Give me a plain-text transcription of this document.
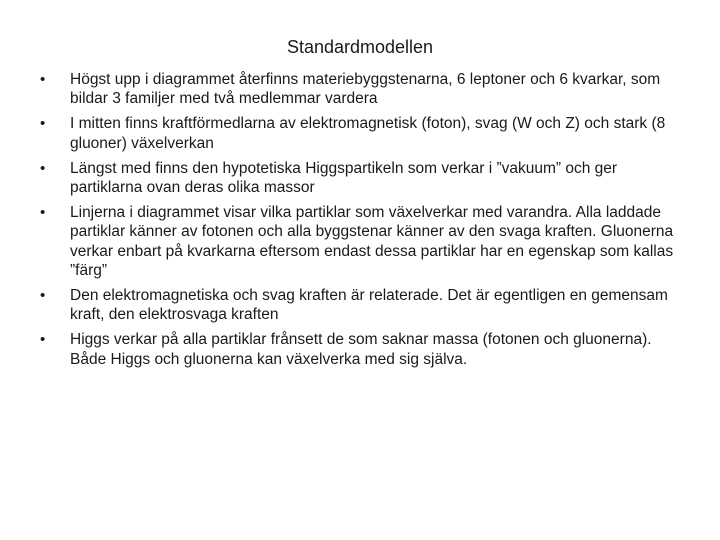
Standardmodellen
• Högst upp i diagrammet återfinns materiebyggstenarna, 6 leptoner och 6 kvarkar, som bildar 3 familjer med två medlemmar vardera
• I mitten finns kraftförmedlarna av elektromagnetisk (foton), svag (W och Z) och stark (8 gluoner) växelverkan
• Längst med finns den hypotetiska Higgspartikeln som verkar i ”vakuum” och ger partiklarna ovan deras olika massor
• Linjerna i diagrammet visar vilka partiklar som växelverkar med varandra. Alla laddade partiklar känner av fotonen och alla byggstenar känner av den svaga kraften. Gluonerna verkar enbart på kvarkarna eftersom endast dessa partiklar har en egenskap som kallas ”färg”
• Den elektromagnetiska och svag kraften är relaterade. Det är egentligen en gemensam kraft, den elektrosvaga kraften
• Higgs verkar på alla partiklar frånsett de som saknar massa (fotonen och gluonerna). Både Higgs och gluonerna kan växelverka med sig själva.
